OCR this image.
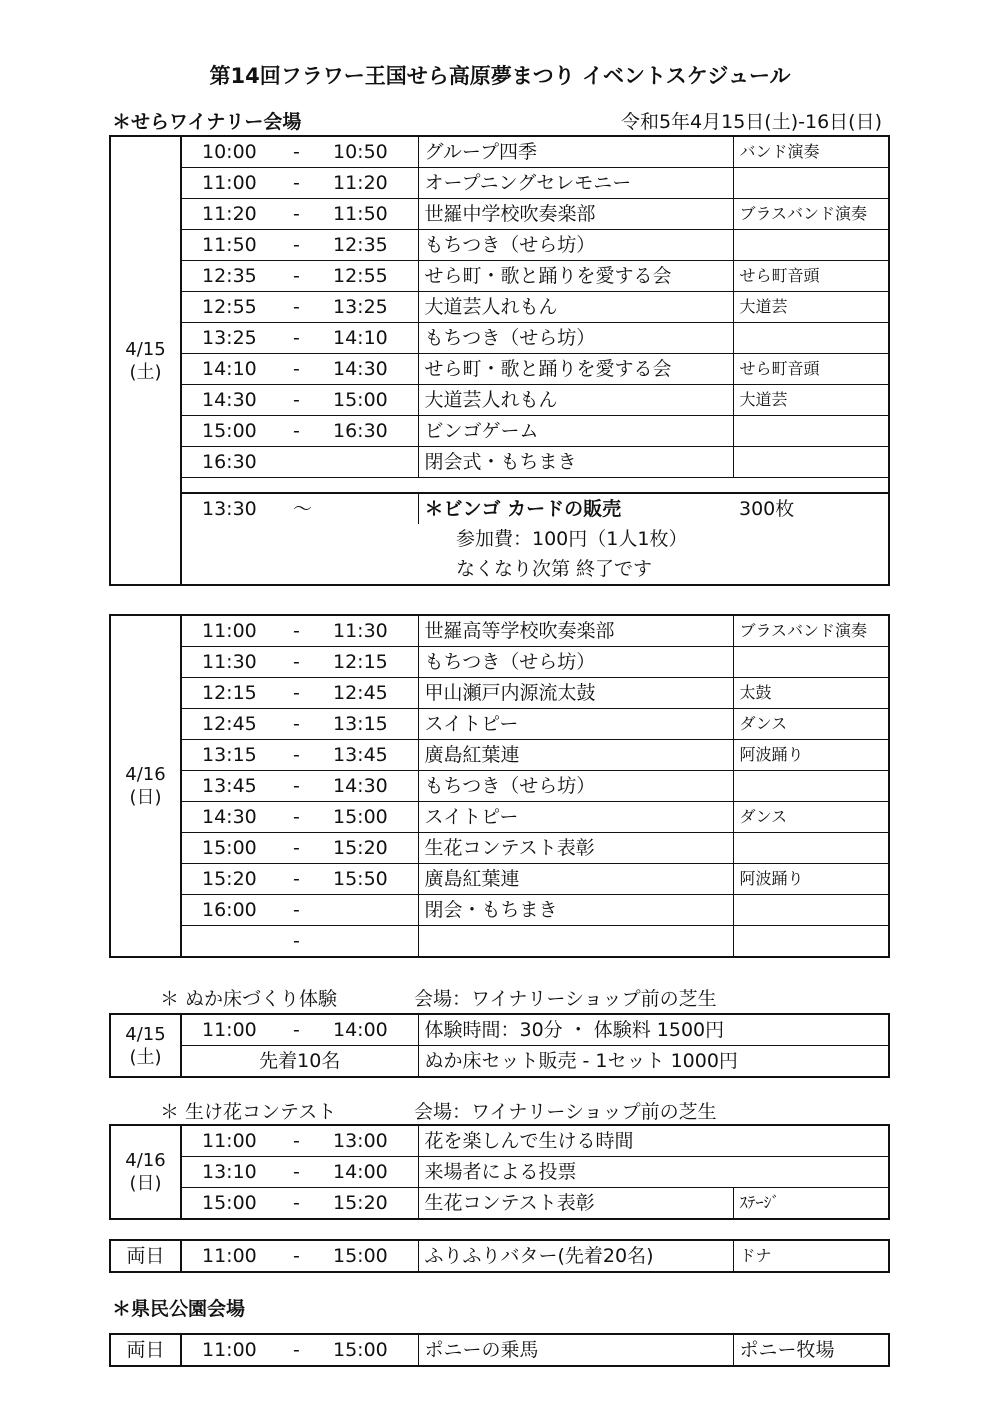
第14回フラワー王国せら高原夢まつり イベントスケジュール
＊せらワイナリー会場	令和5年4月15日(土)-16日(日)
4/15
(土)	10:00	-	10:50	グループ四季	バンド演奏
	11:00	-	11:20	オープニングセレモニー	
	11:20	-	11:50	世羅中学校吹奏楽部	ブラスバンド演奏
	11:50	-	12:35	もちつき（せら坊）	
	12:35	-	12:55	せら町・歌と踊りを愛する会	せら町音頭
	12:55	-	13:25	大道芸人れもん	大道芸
	13:25	-	14:10	もちつき（せら坊）	
	14:10	-	14:30	せら町・歌と踊りを愛する会	せら町音頭
	14:30	-	15:00	大道芸人れもん	大道芸
	15:00	-	16:30	ビンゴゲーム	
	16:30			閉会式・もちまき	

	13:30	～		＊ビンゴ カードの販売	300枚
				参加費：100円（1人1枚）	
				なくなり次第 終了です	
4/16
(日)	11:00	-	11:30	世羅高等学校吹奏楽部	ブラスバンド演奏
	11:30	-	12:15	もちつき（せら坊）	
	12:15	-	12:45	甲山瀬戸内源流太鼓	太鼓
	12:45	-	13:15	スイトピー	ダンス
	13:15	-	13:45	廣島紅葉連	阿波踊り
	13:45	-	14:30	もちつき（せら坊）	
	14:30	-	15:00	スイトピー	ダンス
	15:00	-	15:20	生花コンテスト表彰	
	15:20	-	15:50	廣島紅葉連	阿波踊り
	16:00	-		閉会・もちまき	
		-			
＊ ぬか床づくり体験	会場：ワイナリーショップ前の芝生
4/15
(土)	11:00	-	14:00	体験時間：30分 ・ 体験料 1500円
	先着10名			ぬか床セット販売 - 1セット 1000円
＊ 生け花コンテスト	会場：ワイナリーショップ前の芝生
4/16
(日)	11:00	-	13:00	花を楽しんで生ける時間	
	13:10	-	14:00	来場者による投票	
	15:00	-	15:20	生花コンテスト表彰	ｽﾃｰｼﾞ
両日	11:00	-	15:00	ふりふりバター(先着20名)	ドナ
＊県民公園会場
両日	11:00	-	15:00	ポニーの乗馬	ポニー牧場
